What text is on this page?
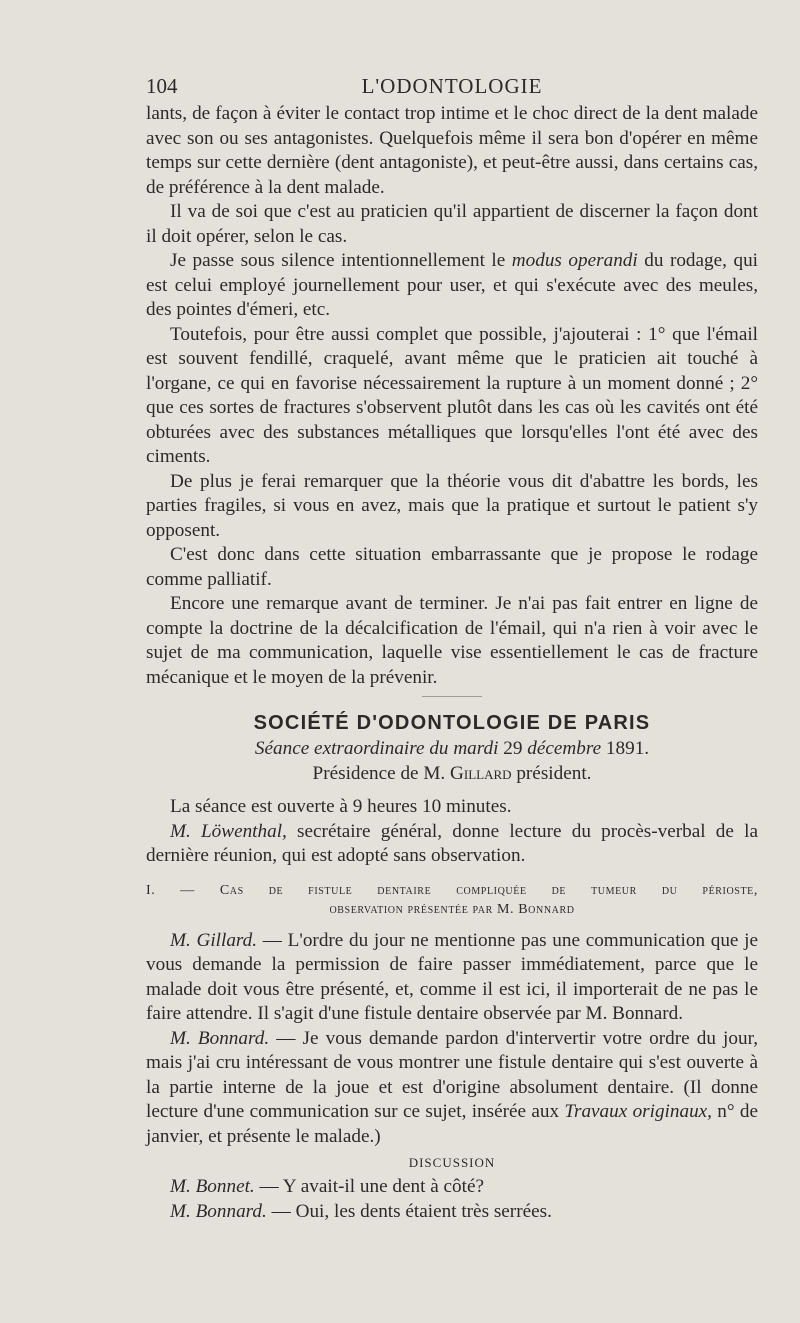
104	L'ODONTOLOGIE

lants, de façon à éviter le contact trop intime et le choc direct de la dent malade avec son ou ses antagonistes. Quelquefois même il sera bon d'opérer en même temps sur cette dernière (dent antagoniste), et peut-être aussi, dans certains cas, de préférence à la dent malade.

Il va de soi que c'est au praticien qu'il appartient de discerner la façon dont il doit opérer, selon le cas.

Je passe sous silence intentionnellement le modus operandi du rodage, qui est celui employé journellement pour user, et qui s'exécute avec des meules, des pointes d'émeri, etc.

Toutefois, pour être aussi complet que possible, j'ajouterai : 1° que l'émail est souvent fendillé, craquelé, avant même que le praticien ait touché à l'organe, ce qui en favorise nécessairement la rupture à un moment donné ; 2° que ces sortes de fractures s'observent plutôt dans les cas où les cavités ont été obturées avec des substances métalliques que lorsqu'elles l'ont été avec des ciments.

De plus je ferai remarquer que la théorie vous dit d'abattre les bords, les parties fragiles, si vous en avez, mais que la pratique et surtout le patient s'y opposent.

C'est donc dans cette situation embarrassante que je propose le rodage comme palliatif.

Encore une remarque avant de terminer. Je n'ai pas fait entrer en ligne de compte la doctrine de la décalcification de l'émail, qui n'a rien à voir avec le sujet de ma communication, laquelle vise essentiellement le cas de fracture mécanique et le moyen de la prévenir.

SOCIÉTÉ D'ODONTOLOGIE DE PARIS
Séance extraordinaire du mardi 29 décembre 1891.
Présidence de M. Gillard président.

La séance est ouverte à 9 heures 10 minutes.

M. Löwenthal, secrétaire général, donne lecture du procès-verbal de la dernière réunion, qui est adopté sans observation.

I. — Cas de fistule dentaire compliquée de tumeur du périoste,
observation présentée par M. Bonnard

M. Gillard. — L'ordre du jour ne mentionne pas une communication que je vous demande la permission de faire passer immédiatement, parce que le malade doit vous être présenté, et, comme il est ici, il importerait de ne pas le faire attendre. Il s'agit d'une fistule dentaire observée par M. Bonnard.

M. Bonnard. — Je vous demande pardon d'intervertir votre ordre du jour, mais j'ai cru intéressant de vous montrer une fistule dentaire qui s'est ouverte à la partie interne de la joue et est d'origine absolument dentaire. (Il donne lecture d'une communication sur ce sujet, insérée aux Travaux originaux, n° de janvier, et présente le malade.)

DISCUSSION

M. Bonnet. — Y avait-il une dent à côté?

M. Bonnard. — Oui, les dents étaient très serrées.
